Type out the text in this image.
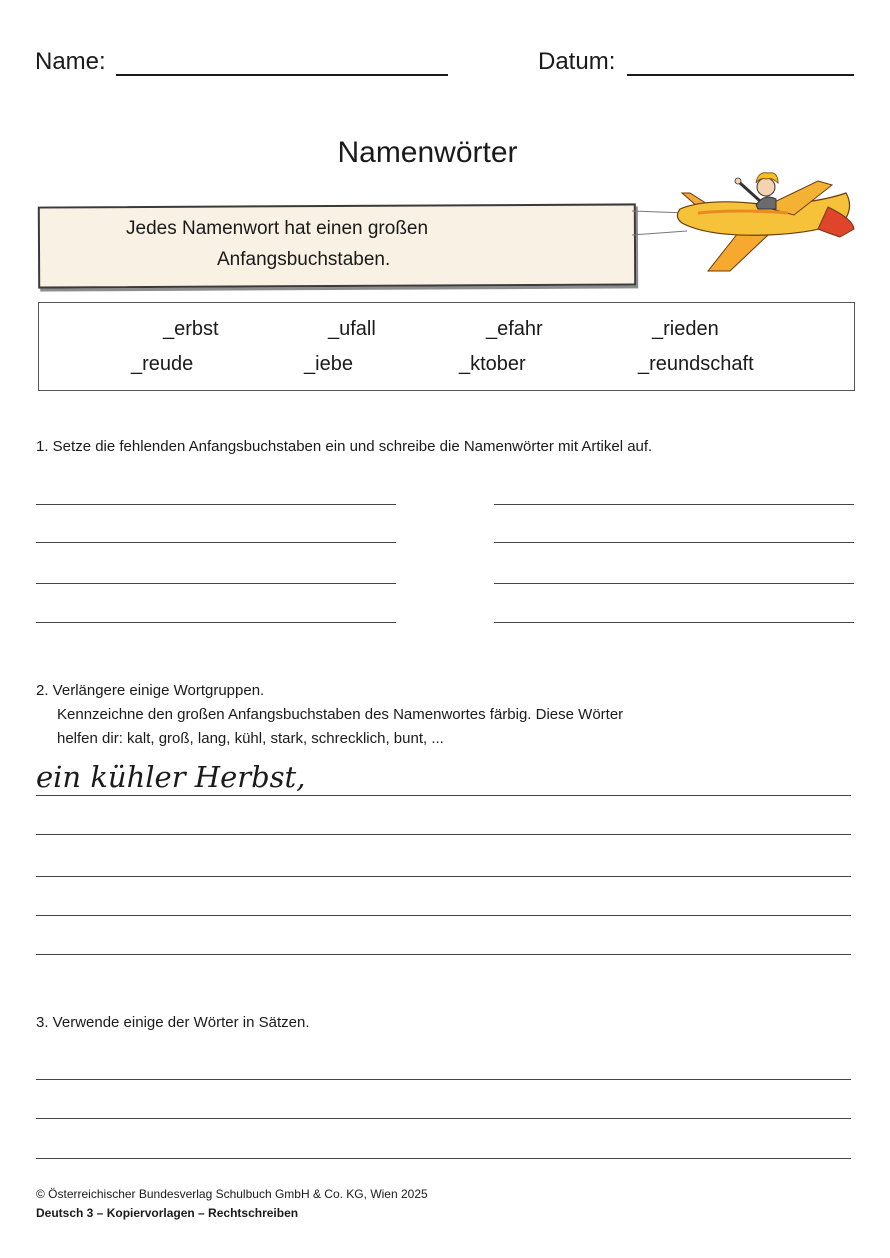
Name:	Datum:
Namenwörter
Jedes Namenwort hat einen großen
Anfangsbuchstaben.
_erbst	_ufall	_efahr	_rieden
_reude	_iebe	_ktober	_reundschaft
1. Setze die fehlenden Anfangsbuchstaben ein und schreibe die Namenwörter mit Artikel auf.
2. Verlängere einige Wortgruppen.
Kennzeichne den großen Anfangsbuchstaben des Namenwortes färbig. Diese Wörter
helfen dir: kalt, groß, lang, kühl, stark, schrecklich, bunt, ...
ein kühler Herbst,
3. Verwende einige der Wörter in Sätzen.
© Österreichischer Bundesverlag Schulbuch GmbH & Co. KG, Wien 2025
Deutsch 3 – Kopiervorlagen – Rechtschreiben
